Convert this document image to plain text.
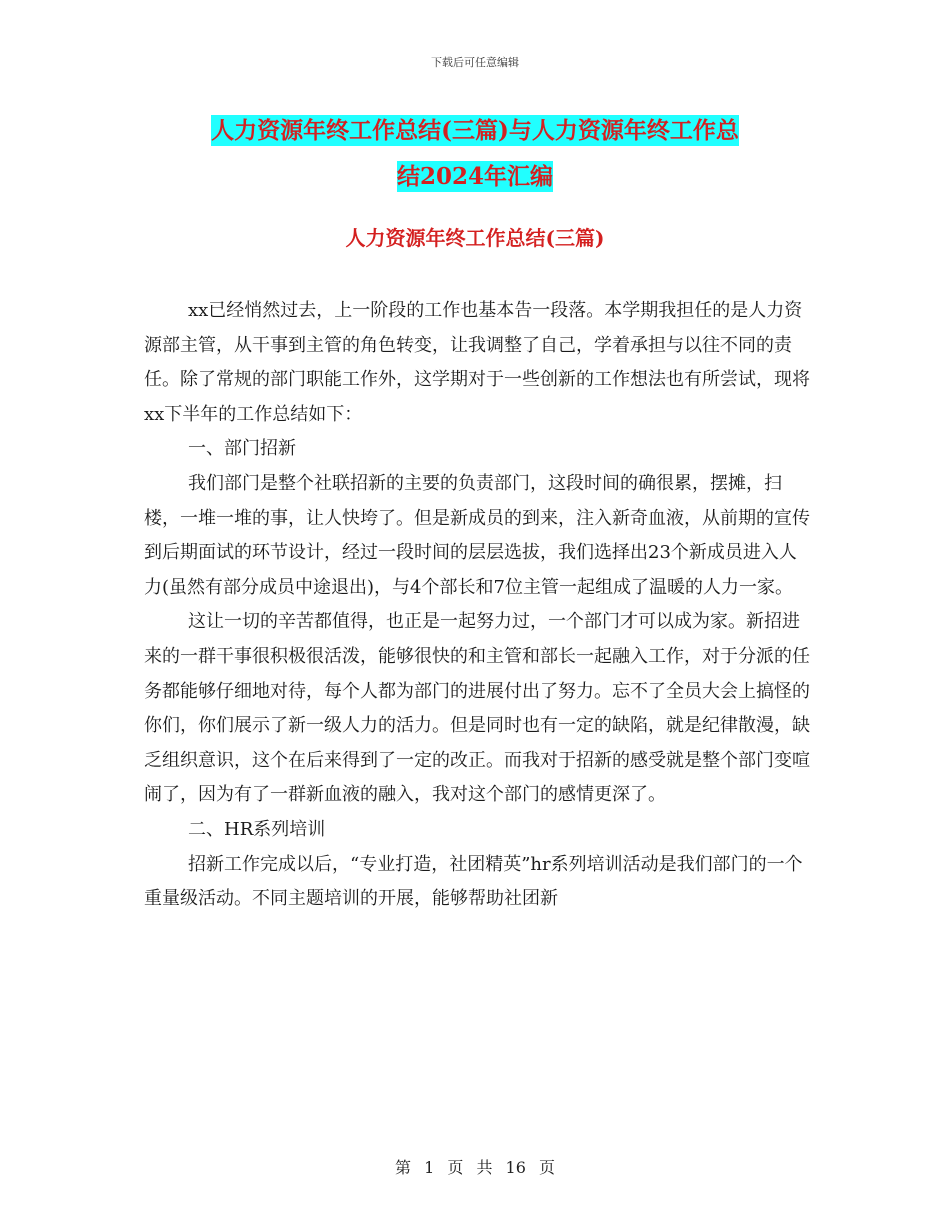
下载后可任意编辑
人力资源年终工作总结(三篇)与人力资源年终工作总
结2024年汇编
人力资源年终工作总结(三篇)

xx已经悄然过去，上一阶段的工作也基本告一段落。本学期我担任的是人力资源部主管，从干事到主管的角色转变，让我调整了自己，学着承担与以往不同的责任。除了常规的部门职能工作外，这学期对于一些创新的工作想法也有所尝试，现将xx下半年的工作总结如下：

一、部门招新

我们部门是整个社联招新的主要的负责部门，这段时间的确很累，摆摊，扫楼，一堆一堆的事，让人快垮了。但是新成员的到来，注入新奇血液，从前期的宣传到后期面试的环节设计，经过一段时间的层层选拔，我们选择出23个新成员进入人力(虽然有部分成员中途退出)，与4个部长和7位主管一起组成了温暖的人力一家。

这让一切的辛苦都值得，也正是一起努力过，一个部门才可以成为家。新招进来的一群干事很积极很活泼，能够很快的和主管和部长一起融入工作，对于分派的任务都能够仔细地对待，每个人都为部门的进展付出了努力。忘不了全员大会上搞怪的你们，你们展示了新一级人力的活力。但是同时也有一定的缺陷，就是纪律散漫，缺乏组织意识，这个在后来得到了一定的改正。而我对于招新的感受就是整个部门变喧闹了，因为有了一群新血液的融入，我对这个部门的感情更深了。

二、HR系列培训

招新工作完成以后，“专业打造，社团精英”hr系列培训活动是我们部门的一个重量级活动。不同主题培训的开展，能够帮助社团新

第 1 页 共 16 页
